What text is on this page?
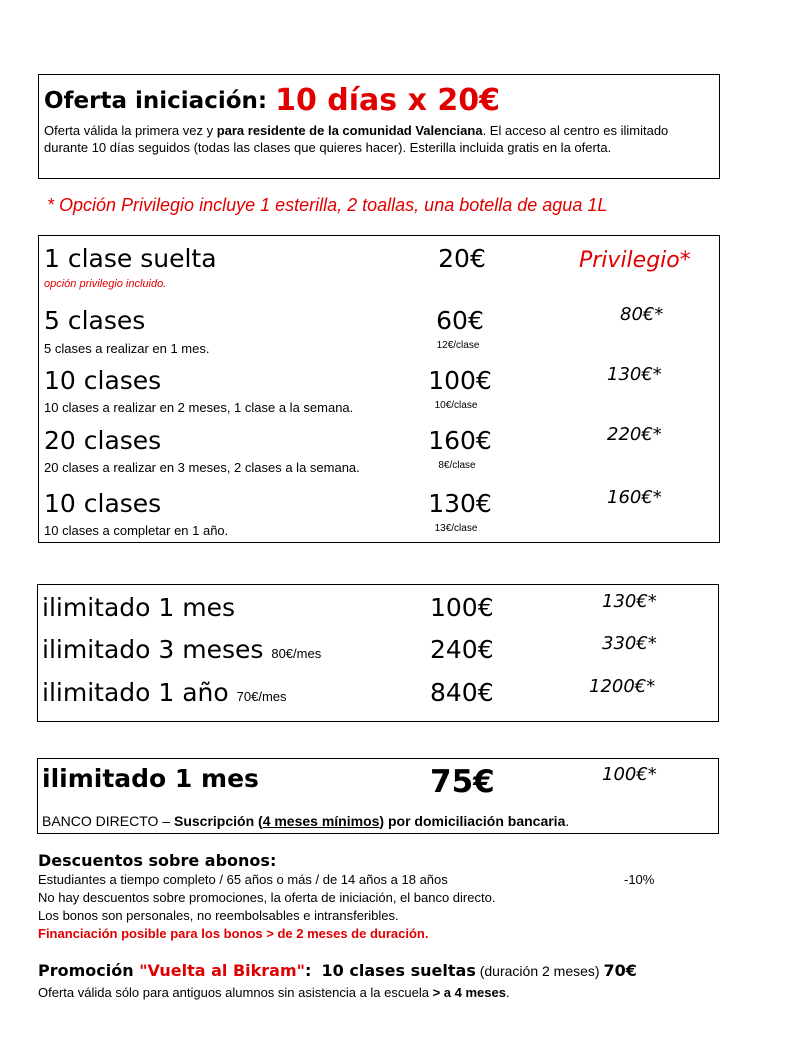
Oferta iniciación: 10 días x 20€
Oferta válida la primera vez y para residente de la comunidad Valenciana. El acceso al centro es ilimitado durante 10 días seguidos (todas las clases que quieres hacer). Esterilla incluida gratis en la oferta.
* Opción Privilegio incluye 1 esterilla, 2 toallas, una botella de agua 1L
Privilegio*
1 clase suelta
opción privilegio incluido.
20€
5 clases
5 clases a realizar en 1 mes.
60€
12€/clase
80€*
10 clases
10 clases a realizar en 2 meses, 1 clase a la semana.
100€
10€/clase
130€*
20 clases
20 clases a realizar en 3 meses, 2 clases a la semana.
160€
8€/clase
220€*
10 clases
10 clases a completar en 1 año.
130€
13€/clase
160€*
ilimitado 1 mes	100€	130€*
ilimitado 3 meses 80€/mes	240€	330€*
ilimitado 1 año 70€/mes	840€	1200€*
ilimitado 1 mes	75€	100€*
BANCO DIRECTO – Suscripción (4 meses mínimos) por domiciliación bancaria.
Descuentos sobre abonos:
Estudiantes a tiempo completo / 65 años o más / de 14 años a 18 años	-10%
No hay descuentos sobre promociones, la oferta de iniciación, el banco directo.
Los bonos son personales, no reembolsables e intransferibles.
Financiación posible para los bonos > de 2 meses de duración.
Promoción "Vuelta al Bikram": 10 clases sueltas (duración 2 meses) 70€
Oferta válida sólo para antiguos alumnos sin asistencia a la escuela > a 4 meses.
